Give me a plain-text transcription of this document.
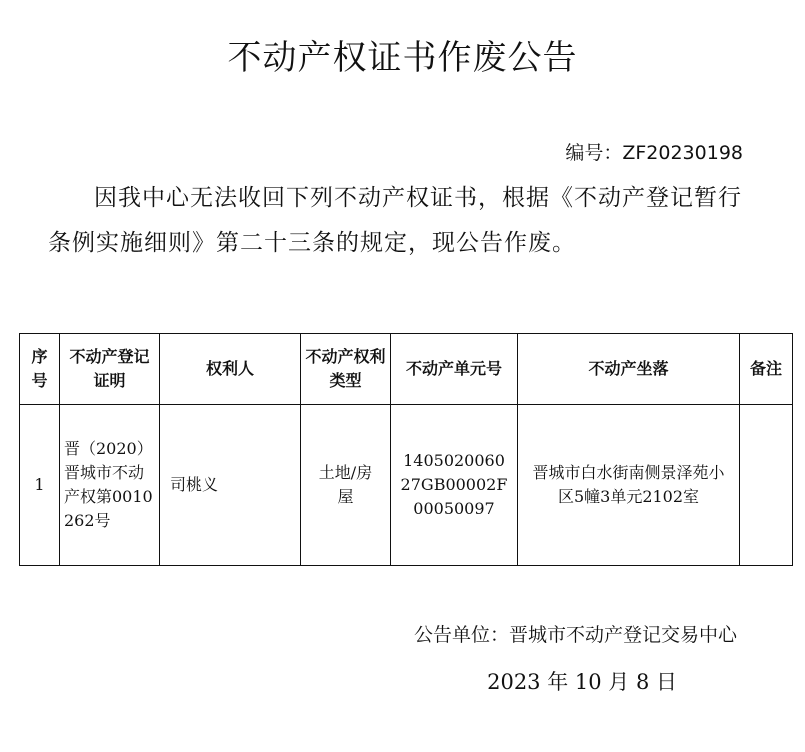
不动产权证书作废公告
编号：ZF20230198
因我中心无法收回下列不动产权证书，根据《不动产登记暂行条例实施细则》第二十三条的规定，现公告作废。
序号	不动产登记证明	权利人	不动产权利类型	不动产单元号	不动产坐落	备注
1	晋（2020）晋城市不动产权第0010262号	司桃义	土地/房屋	140502006027GB00002F00050097	晋城市白水街南侧景泽苑小区5幢3单元2102室	
公告单位：晋城市不动产登记交易中心
2023 年 10 月 8 日
